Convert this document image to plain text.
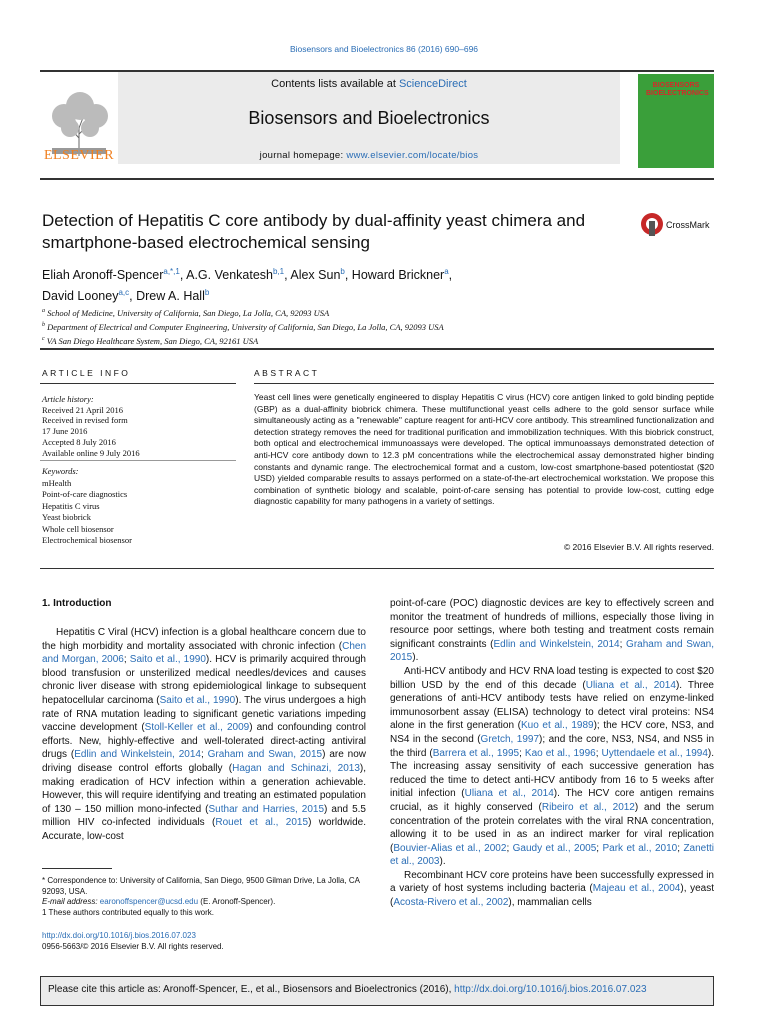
Biosensors and Bioelectronics 86 (2016) 690–696
ELSEVIER
Contents lists available at ScienceDirect
Biosensors and Bioelectronics
journal homepage: www.elsevier.com/locate/bios
BIOSENSORS BIOELECTRONICS
Detection of Hepatitis C core antibody by dual-affinity yeast chimera and smartphone-based electrochemical sensing
CrossMark
Eliah Aronoff-Spencer$^{a,*,1}$, A.G. Venkatesh$^{b,1}$, Alex Sun$^b$, Howard Brickner$^a$,
David Looney$^{a,c}$, Drew A. Hall$^b$
$^a$ School of Medicine, University of California, San Diego, La Jolla, CA, 92093 USA
$^b$ Department of Electrical and Computer Engineering, University of California, San Diego, La Jolla, CA, 92093 USA
$^c$ VA San Diego Healthcare System, San Diego, CA, 92161 USA
ARTICLE INFO	ABSTRACT
Article history:
Received 21 April 2016
Received in revised form
17 June 2016
Accepted 8 July 2016
Available online 9 July 2016
Keywords:
mHealth
Point-of-care diagnostics
Hepatitis C virus
Yeast biobrick
Whole cell biosensor
Electrochemical biosensor
Yeast cell lines were genetically engineered to display Hepatitis C virus (HCV) core antigen linked to gold binding peptide (GBP) as a dual-affinity biobrick chimera. These multifunctional yeast cells adhere to the gold sensor surface while simultaneously acting as a "renewable" capture reagent for anti-HCV core antibody. This streamlined functionalization and detection strategy removes the need for traditional purification and immobilization techniques. With this biobrick construct, both optical and electrochemical immunoassays were developed. The optical immunoassays demonstrated detection of anti-HCV core antibody down to 12.3 pM concentrations while the electrochemical assay demonstrated higher binding constants and dynamic range. The electrochemical format and a custom, low-cost smartphone-based potentiostat ($20 USD) yielded comparable results to assays performed on a state-of-the-art electrochemical workstation. We propose this combination of synthetic biology and scalable, point-of-care sensing has potential to provide low-cost, cutting edge diagnostic capability for many pathogens in a variety of settings.
© 2016 Elsevier B.V. All rights reserved.
1. Introduction

Hepatitis C Viral (HCV) infection is a global healthcare concern due to the high morbidity and mortality associated with chronic infection (Chen and Morgan, 2006; Saito et al., 1990). HCV is primarily acquired through blood transfusion or unsterilized medical needles/devices and causes chronic liver disease with strong epidemiological linkage to subsequent hepatocellular carcinoma (Saito et al., 1990). The virus undergoes a high rate of RNA mutation leading to significant genetic variations impeding vaccine development (Stoll-Keller et al., 2009) and confounding control efforts. New, highly-effective and well-tolerated direct-acting antiviral drugs (Edlin and Winkelstein, 2014; Graham and Swan, 2015) are now driving disease control efforts globally (Hagan and Schinazi, 2013), making eradication of HCV infection within a generation achievable. However, this will require identifying and treating an estimated population of 130 – 150 million mono-infected (Suthar and Harries, 2015) and 5.5 million HIV co-infected individuals (Rouet et al., 2015) worldwide. Accurate, low-cost

point-of-care (POC) diagnostic devices are key to effectively screen and monitor the treatment of hundreds of millions, especially those living in resource poor settings, where both testing and treatment costs remain significant constraints (Edlin and Winkelstein, 2014; Graham and Swan, 2015).

Anti-HCV antibody and HCV RNA load testing is expected to cost $20 billion USD by the end of this decade (Uliana et al., 2014). Three generations of anti-HCV antibody tests have relied on enzyme-linked immunosorbent assay (ELISA) technology to detect viral proteins: NS4 alone in the first generation (Kuo et al., 1989); the HCV core, NS3, and NS4 in the second (Gretch, 1997); and the core, NS3, NS4, and NS5 in the third (Barrera et al., 1995; Kao et al., 1996; Uyttendaele et al., 1994). The increasing assay sensitivity of each successive generation has reduced the time to detect anti-HCV antibody from 16 to 5 weeks after initial infection (Uliana et al., 2014). The HCV core antigen remains crucial, as it highly conserved (Ribeiro et al., 2012) and the serum concentration of the protein correlates with the viral RNA concentration, allowing it to be used in as an indirect marker for viral replication (Bouvier-Alias et al., 2002; Gaudy et al., 2005; Park et al., 2010; Zanetti et al., 2003).

Recombinant HCV core proteins have been successfully expressed in a variety of host systems including bacteria (Majeau et al., 2004), yeast (Acosta-Rivero et al., 2002), mammalian cells

* Correspondence to: University of California, San Diego, 9500 Gilman Drive, La Jolla, CA 92093, USA.
E-mail address: earonoffspencer@ucsd.edu (E. Aronoff-Spencer).
1 These authors contributed equally to this work.
http://dx.doi.org/10.1016/j.bios.2016.07.023
0956-5663/© 2016 Elsevier B.V. All rights reserved.
Please cite this article as: Aronoff-Spencer, E., et al., Biosensors and Bioelectronics (2016), http://dx.doi.org/10.1016/j.bios.2016.07.023
